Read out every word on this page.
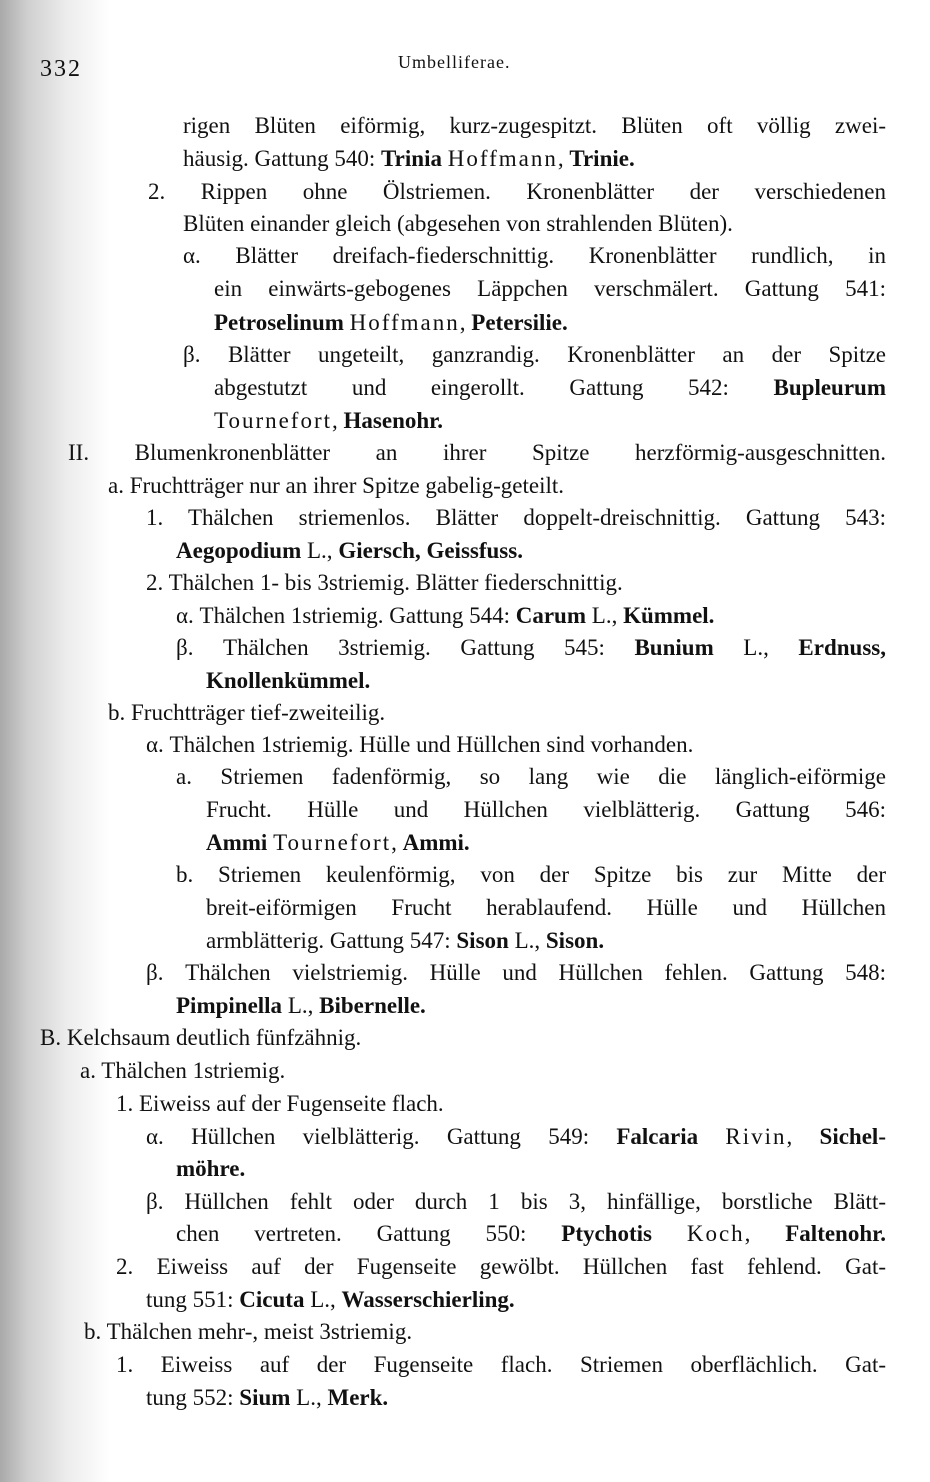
332	Umbelliferae.
rigen Blüten eiförmig, kurz-zugespitzt. Blüten oft völlig zwei-
häusig. Gattung 540: Trinia Hoffmann, Trinie.
2. Rippen ohne Ölstriemen. Kronenblätter der verschiedenen
Blüten einander gleich (abgesehen von strahlenden Blüten).
α. Blätter dreifach-fiederschnittig. Kronenblätter rundlich, in
ein einwärts-gebogenes Läppchen verschmälert. Gattung 541:
Petroselinum Hoffmann, Petersilie.
β. Blätter ungeteilt, ganzrandig. Kronenblätter an der Spitze
abgestutzt und eingerollt. Gattung 542: Bupleurum
Tournefort, Hasenohr.
II. Blumenkronenblätter an ihrer Spitze herzförmig-ausgeschnitten.
a. Fruchtträger nur an ihrer Spitze gabelig-geteilt.
1. Thälchen striemenlos. Blätter doppelt-dreischnittig. Gattung 543:
Aegopodium L., Giersch, Geissfuss.
2. Thälchen 1- bis 3striemig. Blätter fiederschnittig.
α. Thälchen 1striemig. Gattung 544: Carum L., Kümmel.
β. Thälchen 3striemig. Gattung 545: Bunium L., Erdnuss,
Knollenkümmel.
b. Fruchtträger tief-zweiteilig.
α. Thälchen 1striemig. Hülle und Hüllchen sind vorhanden.
a. Striemen fadenförmig, so lang wie die länglich-eiförmige
Frucht. Hülle und Hüllchen vielblätterig. Gattung 546:
Ammi Tournefort, Ammi.
b. Striemen keulenförmig, von der Spitze bis zur Mitte der
breit-eiförmigen Frucht herablaufend. Hülle und Hüllchen
armblätterig. Gattung 547: Sison L., Sison.
β. Thälchen vielstriemig. Hülle und Hüllchen fehlen. Gattung 548:
Pimpinella L., Bibernelle.
B. Kelchsaum deutlich fünfzähnig.
a. Thälchen 1striemig.
1. Eiweiss auf der Fugenseite flach.
α. Hüllchen vielblätterig. Gattung 549: Falcaria Rivin, Sichel-
möhre.
β. Hüllchen fehlt oder durch 1 bis 3, hinfällige, borstliche Blätt-
chen vertreten. Gattung 550: Ptychotis Koch, Faltenohr.
2. Eiweiss auf der Fugenseite gewölbt. Hüllchen fast fehlend. Gat-
tung 551: Cicuta L., Wasserschierling.
b. Thälchen mehr-, meist 3striemig.
1. Eiweiss auf der Fugenseite flach. Striemen oberflächlich. Gat-
tung 552: Sium L., Merk.
